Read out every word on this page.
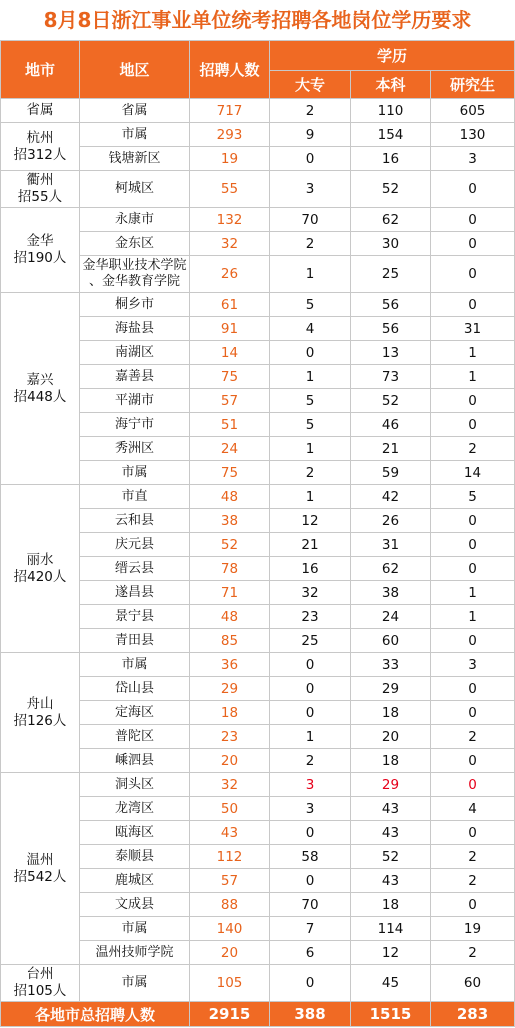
8月8日浙江事业单位统考招聘各地岗位学历要求
地市	地区	招聘人数	学历		
			大专	本科	研究生

省属	省属	717	2	110	605

杭州
招312人	市属	293	9	154	130
	钱塘新区	19	0	16	3

衢州
招55人	柯城区	55	3	52	0

金华
招190人	永康市	132	70	62	0
	金东区	32	2	30	0

	金华职业技术学院
、金华教育学院	26	1	25	0

嘉兴
招448人	桐乡市	61	5	56	0
	海盐县	91	4	56	31
	南湖区	14	0	13	1
	嘉善县	75	1	73	1
	平湖市	57	5	52	0
	海宁市	51	5	46	0
	秀洲区	24	1	21	2
	市属	75	2	59	14

丽水
招420人	市直	48	1	42	5
	云和县	38	12	26	0
	庆元县	52	21	31	0
	缙云县	78	16	62	0
	遂昌县	71	32	38	1
	景宁县	48	23	24	1
	青田县	85	25	60	0

舟山
招126人	市属	36	0	33	3
	岱山县	29	0	29	0
	定海区	18	0	18	0
	普陀区	23	1	20	2
	嵊泗县	20	2	18	0

温州
招542人	洞头区	32	3	29	0
	龙湾区	50	3	43	4
	瓯海区	43	0	43	0
	泰顺县	112	58	52	2
	鹿城区	57	0	43	2
	文成县	88	70	18	0
	市属	140	7	114	19
	温州技师学院	20	6	12	2

台州
招105人	市属	105	0	45	60
各地市总招聘人数		2915	388	1515	283
